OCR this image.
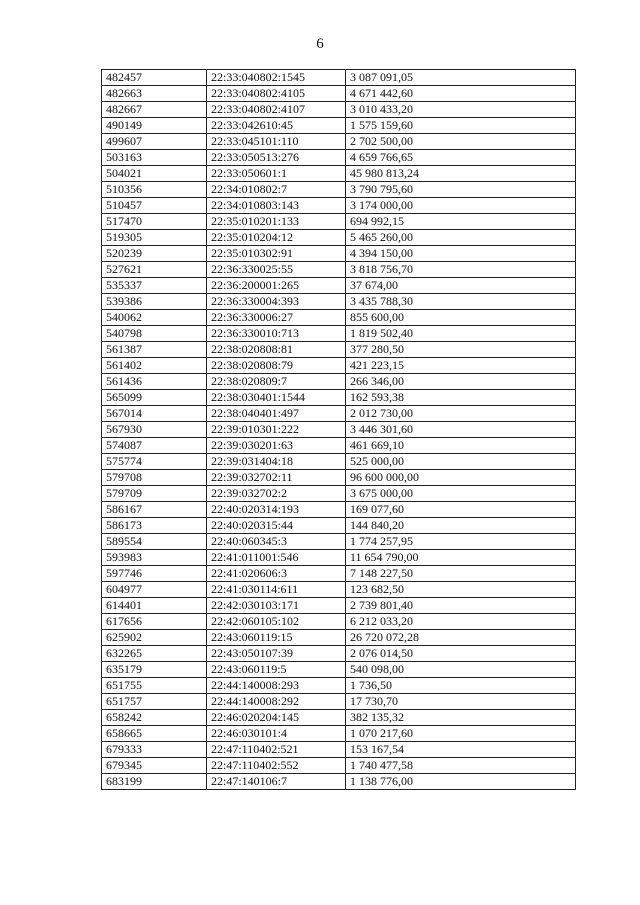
6
482457	22:33:040802:1545	3 087 091,05
482663	22:33:040802:4105	4 671 442,60
482667	22:33:040802:4107	3 010 433,20
490149	22:33:042610:45	1 575 159,60
499607	22:33:045101:110	2 702 500,00
503163	22:33:050513:276	4 659 766,65
504021	22:33:050601:1	45 980 813,24
510356	22:34:010802:7	3 790 795,60
510457	22:34:010803:143	3 174 000,00
517470	22:35:010201:133	694 992,15
519305	22:35:010204:12	5 465 260,00
520239	22:35:010302:91	4 394 150,00
527621	22:36:330025:55	3 818 756,70
535337	22:36:200001:265	37 674,00
539386	22:36:330004:393	3 435 788,30
540062	22:36:330006:27	855 600,00
540798	22:36:330010:713	1 819 502,40
561387	22:38:020808:81	377 280,50
561402	22:38:020808:79	421 223,15
561436	22:38:020809:7	266 346,00
565099	22:38:030401:1544	162 593,38
567014	22:38:040401:497	2 012 730,00
567930	22:39:010301:222	3 446 301,60
574087	22:39:030201:63	461 669,10
575774	22:39:031404:18	525 000,00
579708	22:39:032702:11	96 600 000,00
579709	22:39:032702:2	3 675 000,00
586167	22:40:020314:193	169 077,60
586173	22:40:020315:44	144 840,20
589554	22:40:060345:3	1 774 257,95
593983	22:41:011001:546	11 654 790,00
597746	22:41:020606:3	7 148 227,50
604977	22:41:030114:611	123 682,50
614401	22:42:030103:171	2 739 801,40
617656	22:42:060105:102	6 212 033,20
625902	22:43:060119:15	26 720 072,28
632265	22:43:050107:39	2 076 014,50
635179	22:43:060119:5	540 098,00
651755	22:44:140008:293	1 736,50
651757	22:44:140008:292	17 730,70
658242	22:46:020204:145	382 135,32
658665	22:46:030101:4	1 070 217,60
679333	22:47:110402:521	153 167,54
679345	22:47:110402:552	1 740 477,58
683199	22:47:140106:7	1 138 776,00
